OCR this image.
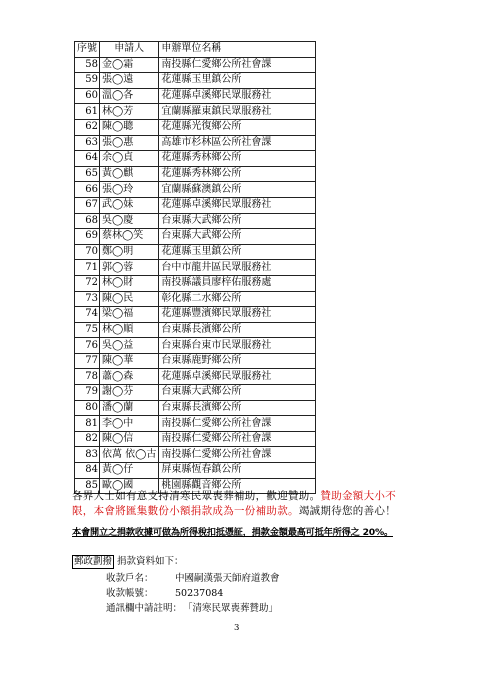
序號	申請人	申辦單位名稱
58	金◯霜	南投縣仁愛鄉公所社會課
59	張◯遠	花蓮縣玉里鎮公所
60	溫◯各	花蓮縣卓溪鄉民眾服務社
61	林◯芳	宜蘭縣羅東鎮民眾服務社
62	陳◯聰	花蓮縣光復鄉公所
63	張◯惠	高雄市杉林區公所社會課
64	余◯貞	花蓮縣秀林鄉公所
65	黃◯麒	花蓮縣秀林鄉公所
66	張◯玲	宜蘭縣蘇澳鎮公所
67	武◯妹	花蓮縣卓溪鄉民眾服務社
68	吳◯慶	台東縣大武鄉公所
69	蔡林◯笑	台東縣大武鄉公所
70	鄭◯明	花蓮縣玉里鎮公所
71	郭◯蓉	台中市龍井區民眾服務社
72	林◯財	南投縣議員廖梓佑服務處
73	陳◯民	彰化縣二水鄉公所
74	梁◯福	花蓮縣豐濱鄉民眾服務社
75	林◯順	台東縣長濱鄉公所
76	吳◯益	台東縣台東市民眾服務社
77	陳◯華	台東縣鹿野鄉公所
78	蕭◯森	花蓮縣卓溪鄉民眾服務社
79	謝◯芬	台東縣大武鄉公所
80	潘◯蘭	台東縣長濱鄉公所
81	李◯中	南投縣仁愛鄉公所社會課
82	陳◯信	南投縣仁愛鄉公所社會課
83	依萬 依◯古	南投縣仁愛鄉公所社會課
84	黃◯仔	屏東縣恆春鎮公所
85	歐◯國	桃園縣觀音鄉公所
各界人士如有意支持清寒民眾喪葬補助，歡迎贊助。贊助金額大小不限，本會將匯集數份小額捐款成為一份補助款。竭誠期待您的善心！
本會開立之捐款收據可做為所得稅扣抵憑証，捐款金額最高可抵年所得之 20%。
郵政劃撥 捐款資料如下：
收款戶名： 中國嗣漢張天師府道教會
收款帳號： 50237084
通訊欄中請註明： 「清寒民眾喪葬贊助」
3
